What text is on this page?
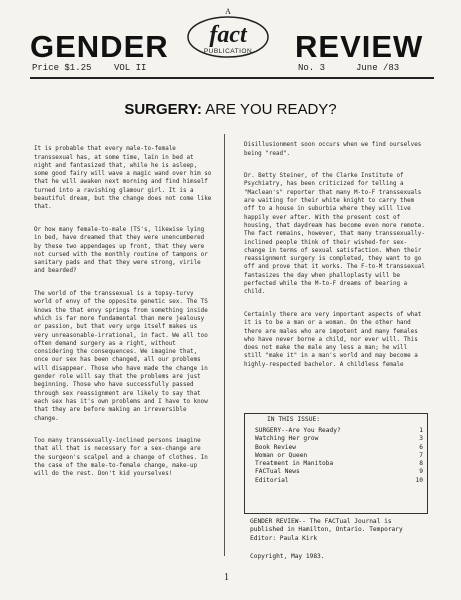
GENDER	REVIEW
A
fact
PUBLICATION
Price $1.25	VOL II	No. 3	June /83
SURGERY: ARE YOU READY?

It is probable that every male-to-female transsexual has, at some time, lain in bed at night and fantasized that, while he is asleep, some good fairy will wave a magic wand over him so that he will awaken next morning and find himself turned into a ravishing glamour girl. It is a beautiful dream, but the change does not come like that.

Or how many female-to-male (TS's, likewise lying in bed, have dreamed that they were unencumbered by these two appendages up front, that they were not cursed with the monthly routine of tampons or sanitary pads and that they were strong, virile and bearded?

The world of the transsexual is a topsy-turvy world of envy of the opposite genetic sex. The TS knows the that envy springs from something inside which is far more fundamental than mere jealousy or passion, but that very urge itself makes us very unreasonable-irrational, in fact. We all too often demand surgery as a right, without considering the consequences. We imagine that, once our sex has been changed, all our problems will disappear. Those who have made the change in gender role will say that the problems are just beginning. Those who have successfully passed through sex reassignment are likely to say that each sex has it's own problems and I have to know that they are before making an irreversible change.

Too many transsexually-inclined persons imagine that all that is necessary for a sex-change are the surgeon's scalpel and a change of clothes. In the case of the male-to-female change, make-up will do the rest. Don't kid yourselves!

Disillusionment soon occurs when we find ourselves being "read".

Dr. Betty Steiner, of the Clarke Institute of Psychiatry, has been criticized for telling a "Maclean's" reporter that many M-to-F transsexuals are waiting for their white knight to carry them off to a house in suburbia where they will live happily ever after. With the present cost of housing, that daydream has become even more remote. The fact remains, however, that many transsexually-inclined people think of their wished-for sex-change in terms of sexual satisfaction. When their reassignment surgery is completed, they want to go off and prove that it works. The F-to-M transsexual fantasizes the day when phalloplasty will be perfected while the M-to-F dreams of bearing a child.

Certainly there are very important aspects of what it is to be a man or a woman. On the other hand there are males who are impotent and many females who have never borne a child, nor ever will. This does not make the male any less a man; he will still "make it" in a man's world and may become a highly-respected bachelor. A childless female

IN THIS ISSUE:
SURGERY--Are You Ready?	1
Watching Her grow	3
Book Review	6
Woman or Queen	7
Treatment in Manitoba	8
FACTual News	9
Editorial	10
GENDER REVIEW-- The FACTual Journal is published in Hamilton, Ontario. Temporary Editor: Paula Kirk
Copyright, May 1983.
1
